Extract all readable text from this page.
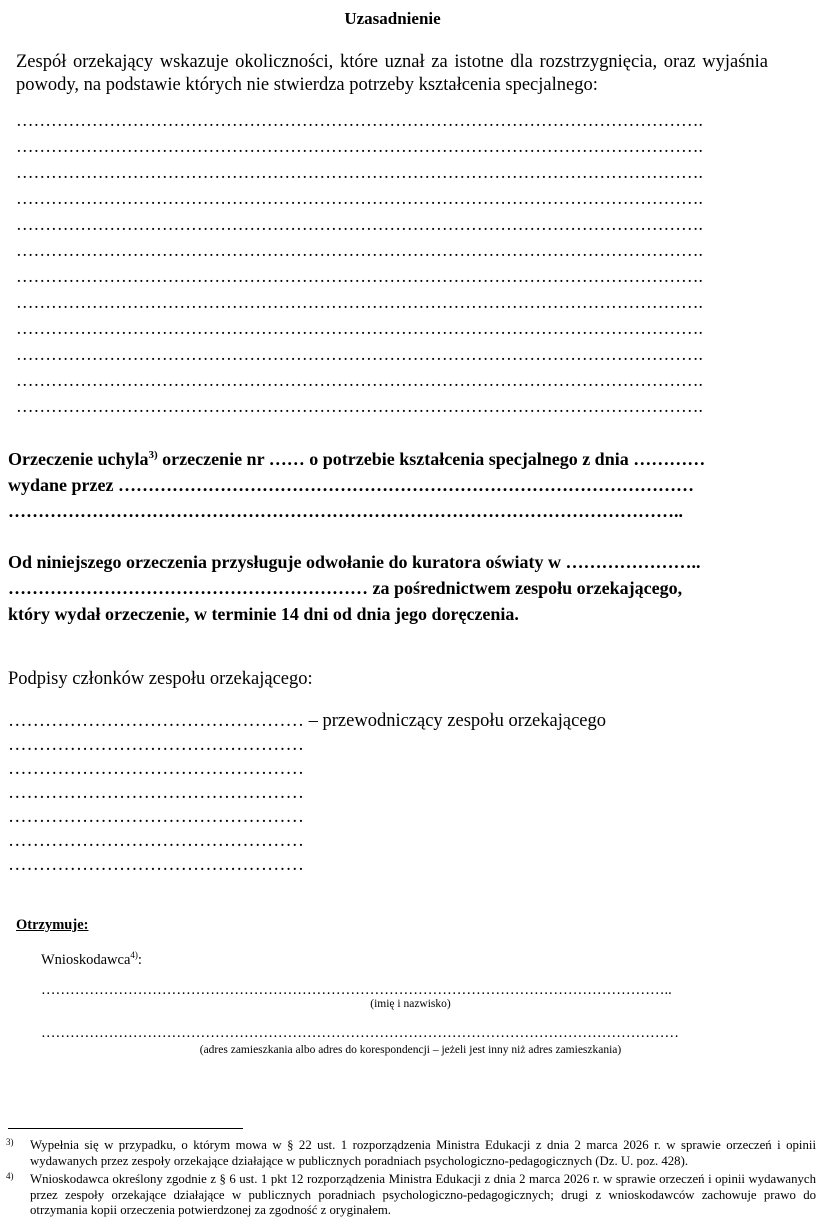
Uzasadnienie

Zespół orzekający wskazuje okoliczności, które uznał za istotne dla rozstrzygnięcia, oraz wyjaśnia powody, na podstawie których nie stwierdza potrzeby kształcenia specjalnego:

……………………………………………………………………………………………………….
……………………………………………………………………………………………………….
……………………………………………………………………………………………………….
……………………………………………………………………………………………………….
……………………………………………………………………………………………………….
……………………………………………………………………………………………………….
……………………………………………………………………………………………………….
……………………………………………………………………………………………………….
……………………………………………………………………………………………………….
……………………………………………………………………………………………………….
……………………………………………………………………………………………………….
……………………………………………………………………………………………………….
Orzeczenie uchyla$^{3)}$ orzeczenie nr …… o potrzebie kształcenia specjalnego z dnia …………
wydane przez ……………………………………………………………………………………
…………………………………………………………………………………………………..
Od niniejszego orzeczenia przysługuje odwołanie do kuratora oświaty w …………………..
…………………………………………………… za pośrednictwem zespołu orzekającego,
który wydał orzeczenie, w terminie 14 dni od dnia jego doręczenia.
Podpisy członków zespołu orzekającego:
………………………………………… – przewodniczący zespołu orzekającego
…………………………………………
…………………………………………
…………………………………………
…………………………………………
…………………………………………
…………………………………………
Otrzymuje:
Wnioskodawca$^{4)}$:
…………………………………………………………………………………………………………………..
(imię i nazwisko)
……………………………………………………………………………………………………………………
(adres zamieszkania albo adres do korespondencji – jeżeli jest inny niż adres zamieszkania)
3) Wypełnia się w przypadku, o którym mowa w § 22 ust. 1 rozporządzenia Ministra Edukacji z dnia 2 marca 2026 r. w sprawie orzeczeń i opinii wydawanych przez zespoły orzekające działające w publicznych poradniach psychologiczno-pedagogicznych (Dz. U. poz. 428).

4) Wnioskodawca określony zgodnie z § 6 ust. 1 pkt 12 rozporządzenia Ministra Edukacji z dnia 2 marca 2026 r. w sprawie orzeczeń i opinii wydawanych przez zespoły orzekające działające w publicznych poradniach psychologiczno-pedagogicznych; drugi z wnioskodawców zachowuje prawo do otrzymania kopii orzeczenia potwierdzonej za zgodność z oryginałem.
